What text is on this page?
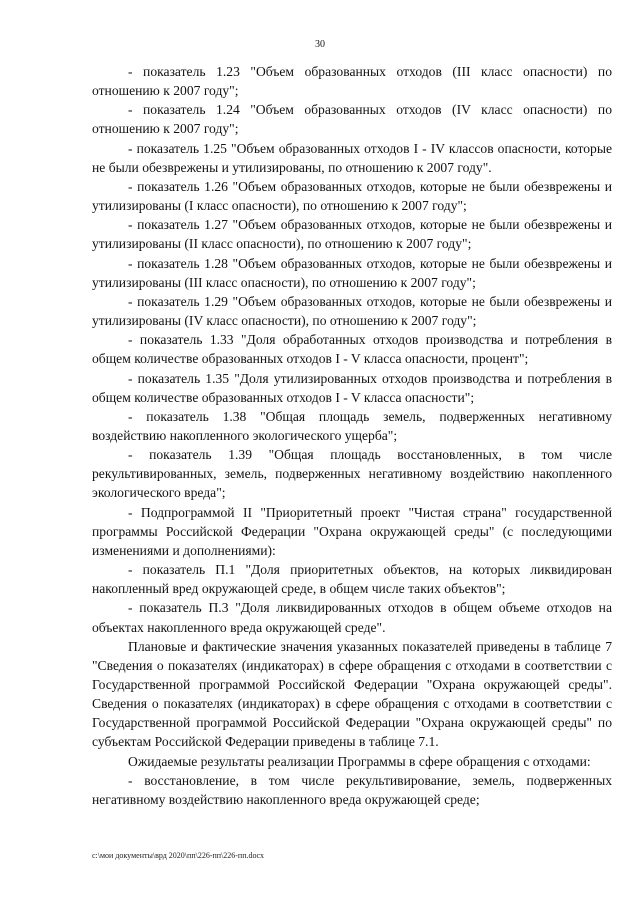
30

- показатель 1.23 "Объем образованных отходов (III класс опасности) по отношению к 2007 году";

- показатель 1.24 "Объем образованных отходов (IV класс опасности) по отношению к 2007 году";

- показатель 1.25 "Объем образованных отходов I - IV классов опасности, которые не были обезврежены и утилизированы, по отношению к 2007 году".

- показатель 1.26 "Объем образованных отходов, которые не были обезврежены и утилизированы (I класс опасности), по отношению к 2007 году";

- показатель 1.27 "Объем образованных отходов, которые не были обезврежены и утилизированы (II класс опасности), по отношению к 2007 году";

- показатель 1.28 "Объем образованных отходов, которые не были обезврежены и утилизированы (III класс опасности), по отношению к 2007 году";

- показатель 1.29 "Объем образованных отходов, которые не были обезврежены и утилизированы (IV класс опасности), по отношению к 2007 году";

- показатель 1.33 "Доля обработанных отходов производства и потребления в общем количестве образованных отходов I - V класса опасности, процент";

- показатель 1.35 "Доля утилизированных отходов производства и потребления в общем количестве образованных отходов I - V класса опасности";

- показатель 1.38 "Общая площадь земель, подверженных негативному воздействию накопленного экологического ущерба";

- показатель 1.39 "Общая площадь восстановленных, в том числе рекультивированных, земель, подверженных негативному воздействию накопленного экологического вреда";

- Подпрограммой II "Приоритетный проект "Чистая страна" государственной программы Российской Федерации "Охрана окружающей среды" (с последующими изменениями и дополнениями):

- показатель П.1 "Доля приоритетных объектов, на которых ликвидирован накопленный вред окружающей среде, в общем числе таких объектов";

- показатель П.3 "Доля ликвидированных отходов в общем объеме отходов на объектах накопленного вреда окружающей среде".

Плановые и фактические значения указанных показателей приведены в таблице 7 "Сведения о показателях (индикаторах) в сфере обращения с отходами в соответствии с Государственной программой Российской Федерации "Охрана окружающей среды". Сведения о показателях (индикаторах) в сфере обращения с отходами в соответствии с Государственной программой Российской Федерации "Охрана окружающей среды" по субъектам Российской Федерации приведены в таблице 7.1.

Ожидаемые результаты реализации Программы в сфере обращения с отходами:

- восстановление, в том числе рекультивирование, земель, подверженных негативному воздействию накопленного вреда окружающей среде;

c:\мои документы\врд 2020\пп\226-пп\226-пп.docx
